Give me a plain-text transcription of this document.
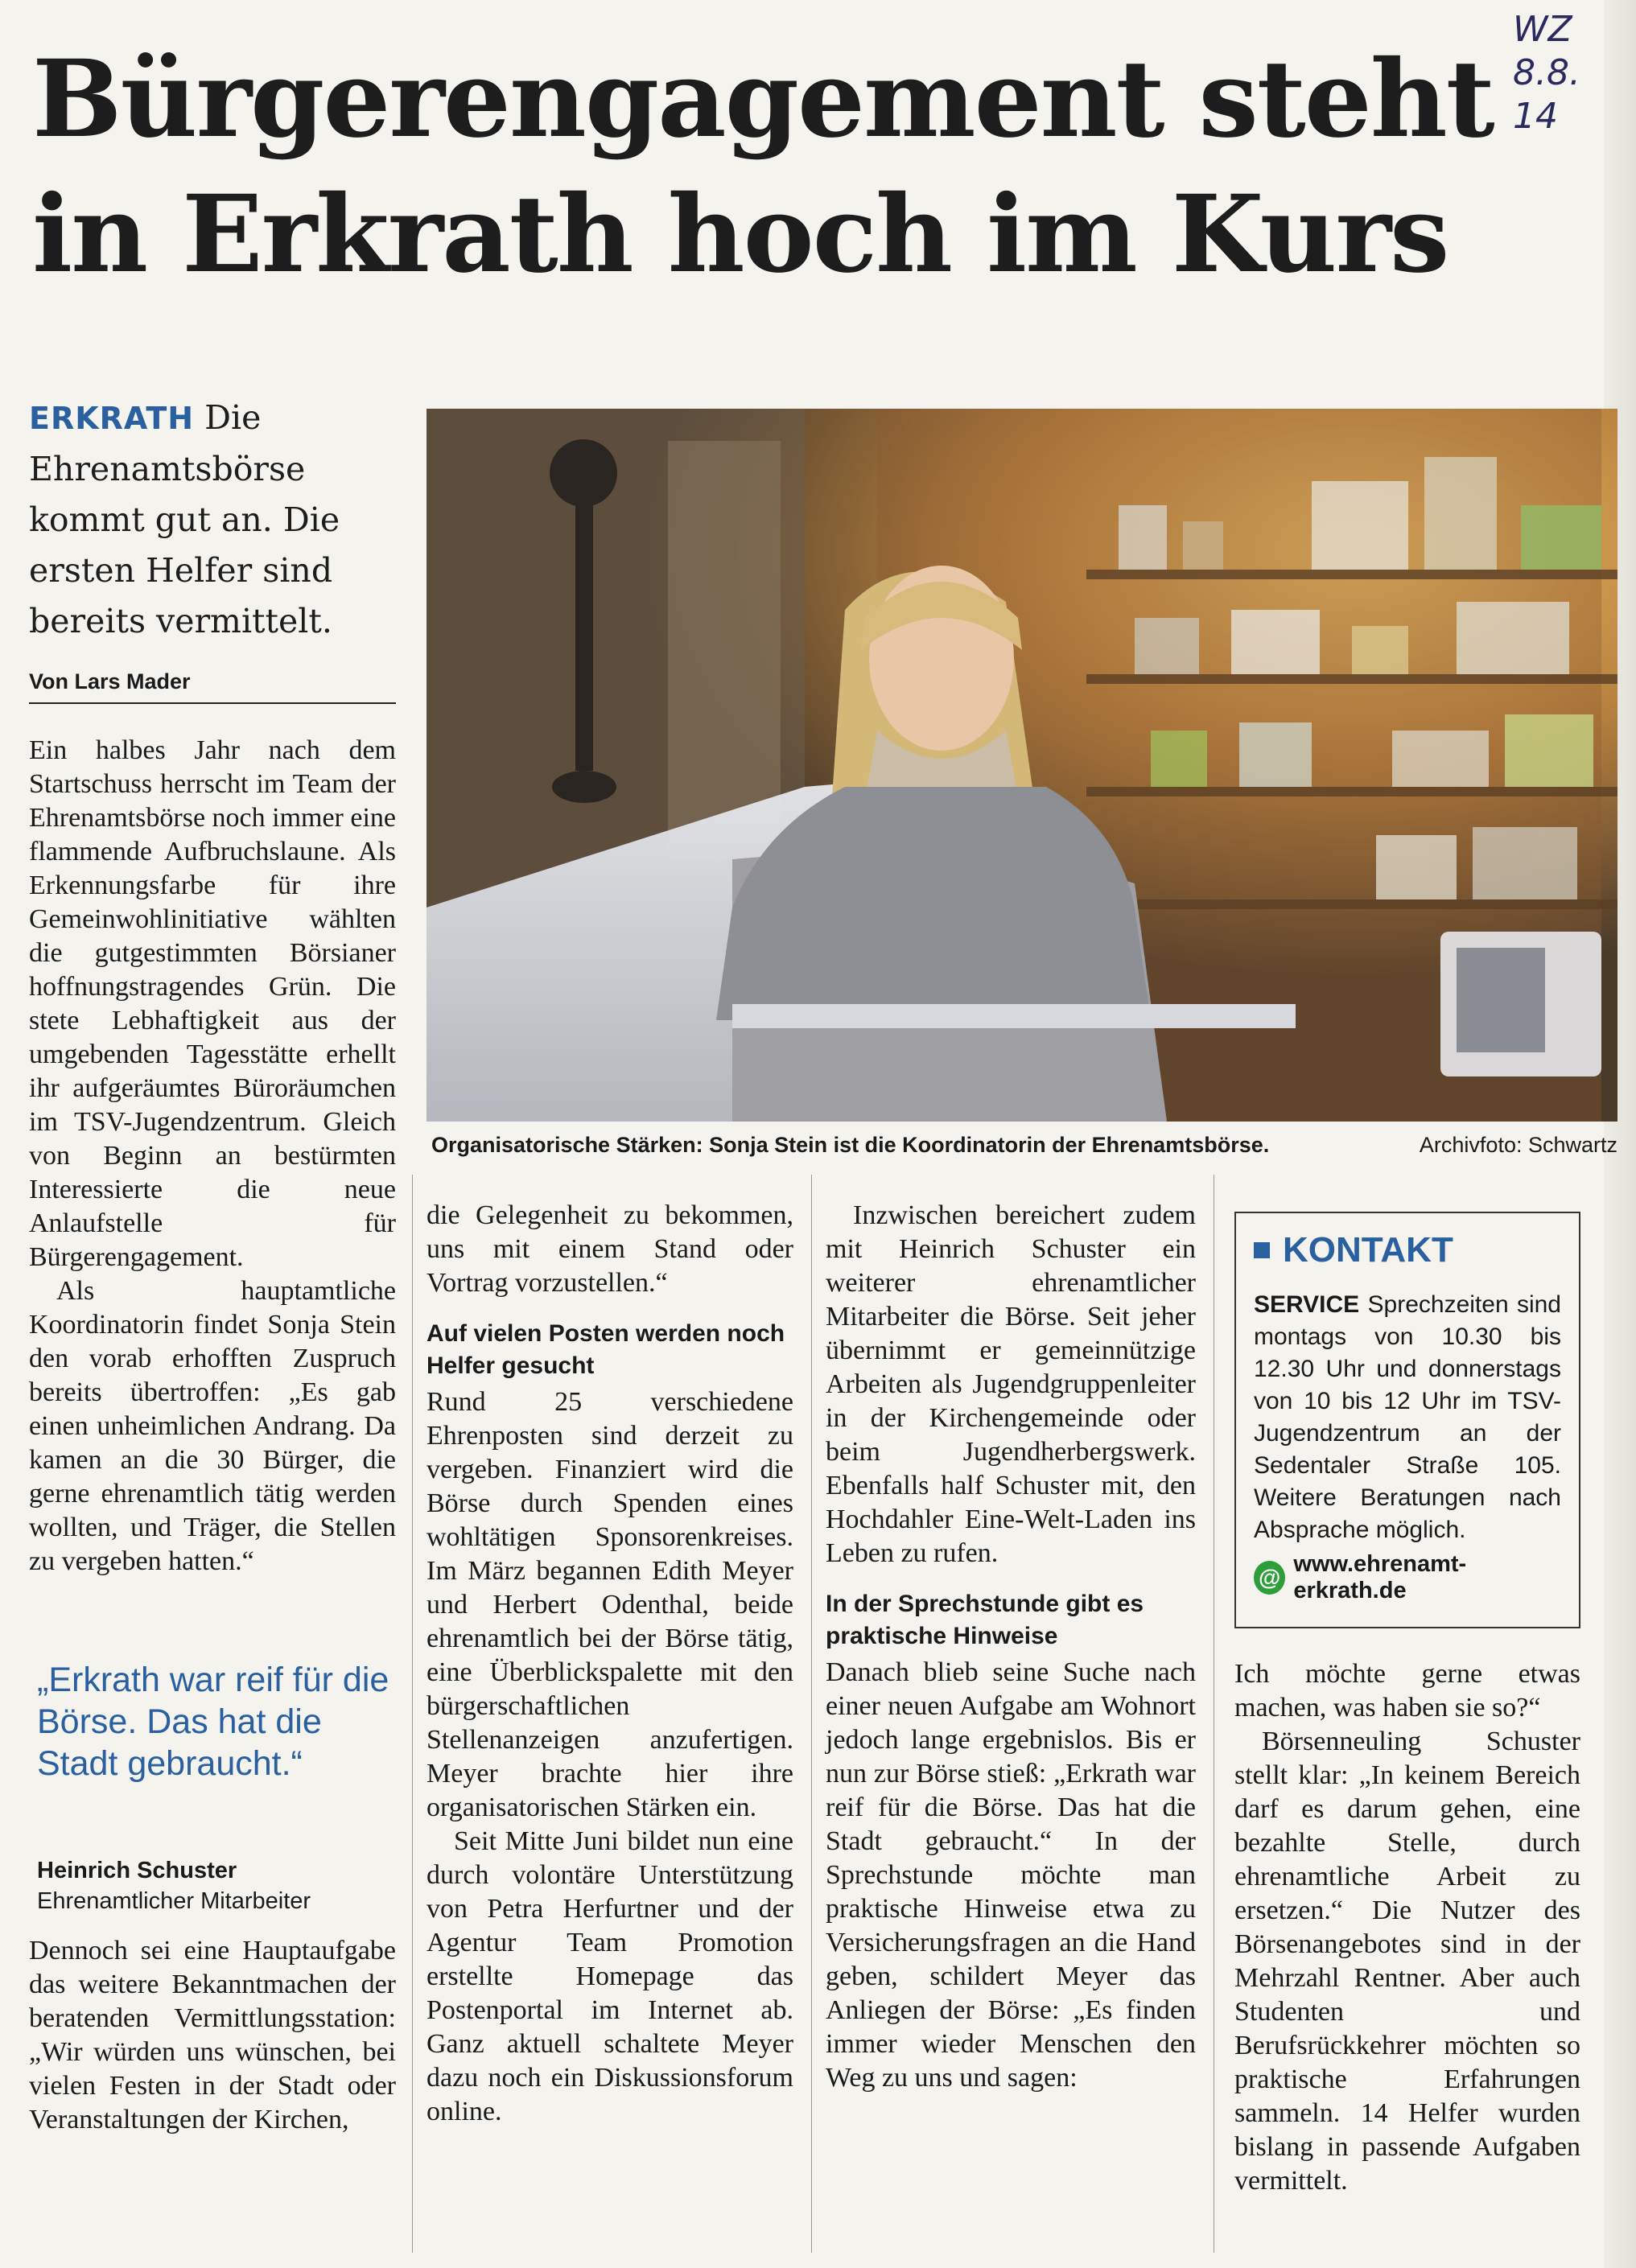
Bürgerengagement steht
in Erkrath hoch im Kurs
WZ
8.8.
14

ERKRATH Die Ehrenamtsbörse kommt gut an. Die ersten Helfer sind bereits vermittelt.

Von Lars Mader
Organisatorische Stärken: Sonja Stein ist die Koordinatorin der Ehrenamtsbörse.	Archivfoto: Schwartz

Ein halbes Jahr nach dem Startschuss herrscht im Team der Ehrenamtsbörse noch immer eine flammende Aufbruchslaune. Als Erkennungsfarbe für ihre Gemeinwohlinitiative wählten die gutgestimmten Börsianer hoffnungstragendes Grün. Die stete Lebhaftigkeit aus der umgebenden Tagesstätte erhellt ihr aufgeräumtes Büroräumchen im TSV-Jugendzentrum. Gleich von Beginn an bestürmten Interessierte die neue Anlaufstelle für Bürgerengagement.

Als hauptamtliche Koordinatorin findet Sonja Stein den vorab erhofften Zuspruch bereits übertroffen: „Es gab einen unheimlichen Andrang. Da kamen an die 30 Bürger, die gerne ehrenamtlich tätig werden wollten, und Träger, die Stellen zu vergeben hatten.“

„Erkrath war reif für die Börse. Das hat die Stadt gebraucht.“
Heinrich Schuster
Ehrenamtlicher Mitarbeiter

Dennoch sei eine Hauptaufgabe das weitere Bekanntmachen der beratenden Vermittlungsstation: „Wir würden uns wünschen, bei vielen Festen in der Stadt oder Veranstaltungen der Kirchen,

die Gelegenheit zu bekommen, uns mit einem Stand oder Vortrag vorzustellen.“

Auf vielen Posten werden noch Helfer gesucht

Rund 25 verschiedene Ehrenposten sind derzeit zu vergeben. Finanziert wird die Börse durch Spenden eines wohltätigen Sponsorenkreises. Im März begannen Edith Meyer und Herbert Odenthal, beide ehrenamtlich bei der Börse tätig, eine Überblickspalette mit den bürgerschaftlichen Stellenanzeigen anzufertigen. Meyer brachte hier ihre organisatorischen Stärken ein.

Seit Mitte Juni bildet nun eine durch volontäre Unterstützung von Petra Herfurtner und der Agentur Team Promotion erstellte Homepage das Postenportal im Internet ab. Ganz aktuell schaltete Meyer dazu noch ein Diskussionsforum online.

Inzwischen bereichert zudem mit Heinrich Schuster ein weiterer ehrenamtlicher Mitarbeiter die Börse. Seit jeher übernimmt er gemeinnützige Arbeiten als Jugendgruppenleiter in der Kirchengemeinde oder beim Jugendherbergswerk. Ebenfalls half Schuster mit, den Hochdahler Eine-Welt-Laden ins Leben zu rufen.

In der Sprechstunde gibt es praktische Hinweise

Danach blieb seine Suche nach einer neuen Aufgabe am Wohnort jedoch lange ergebnislos. Bis er nun zur Börse stieß: „Erkrath war reif für die Börse. Das hat die Stadt gebraucht.“ In der Sprechstunde möchte man praktische Hinweise etwa zu Versicherungsfragen an die Hand geben, schildert Meyer das Anliegen der Börse: „Es finden immer wieder Menschen den Weg zu uns und sagen:

KONTAKT
SERVICE Sprechzeiten sind montags von 10.30 bis 12.30 Uhr und donnerstags von 10 bis 12 Uhr im TSV-Jugendzentrum an der Sedentaler Straße 105. Weitere Beratungen nach Absprache möglich.
@
www.ehrenamt-erkrath.de

Ich möchte gerne etwas machen, was haben sie so?“

Börsenneuling Schuster stellt klar: „In keinem Bereich darf es darum gehen, eine bezahlte Stelle, durch ehrenamtliche Arbeit zu ersetzen.“ Die Nutzer des Börsenangebotes sind in der Mehrzahl Rentner. Aber auch Studenten und Berufsrückkehrer möchten so praktische Erfahrungen sammeln. 14 Helfer wurden bislang in passende Aufgaben vermittelt.
